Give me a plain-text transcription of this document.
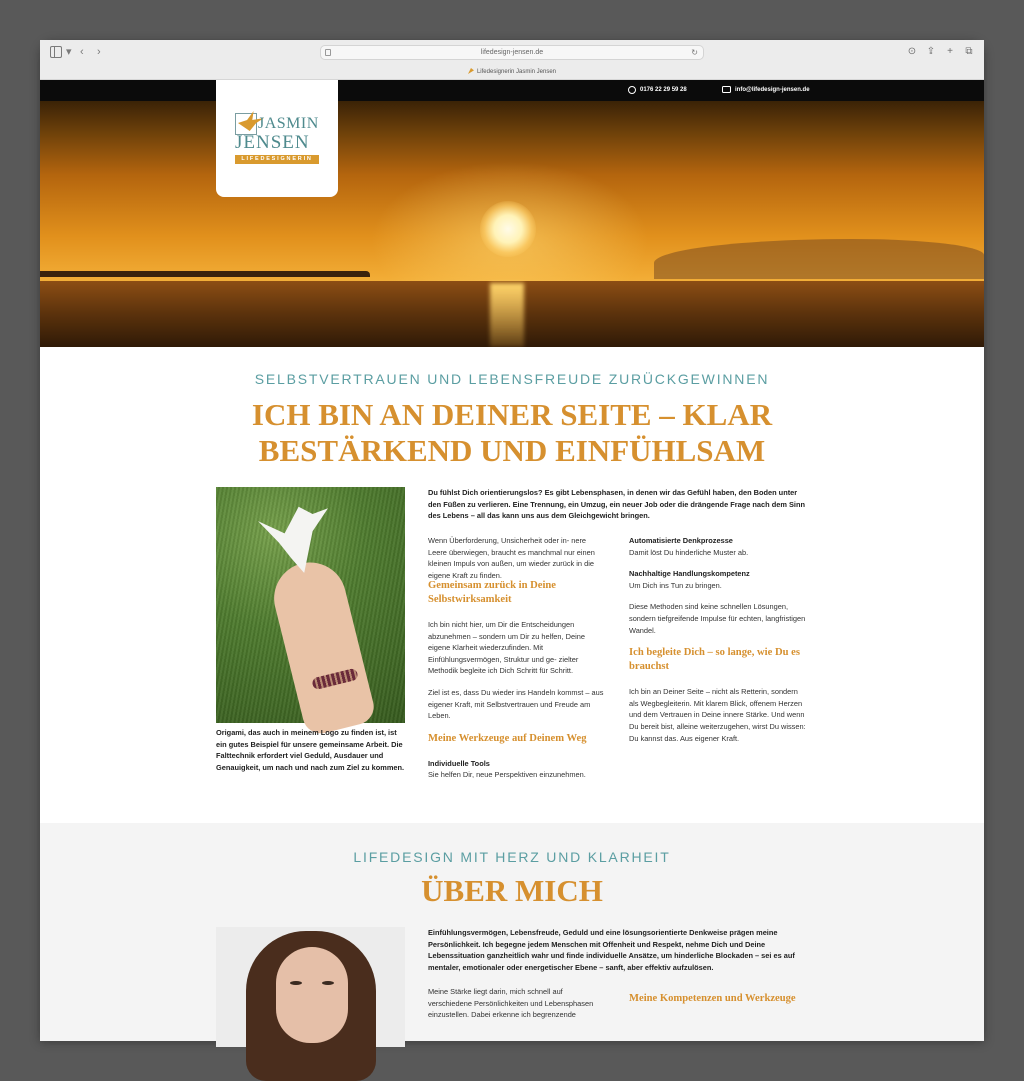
▾ ‹ ›	lifedesign-jensen.de	↻	⊙ ⇪ + ⧉
Lifedesignerin Jasmin Jensen
0176 22 29 59 28	info@lifedesign-jensen.de
JASMIN
JENSEN
LIFEDESIGNERIN
SELBSTVERTRAUEN UND LEBENSFREUDE ZURÜCKGEWINNEN
ICH BIN AN DEINER SEITE – KLAR
BESTÄRKEND UND EINFÜHLSAM
Origami, das auch in meinem Logo zu finden ist, ist ein gutes Beispiel für unsere gemeinsame Arbeit. Die Falttechnik erfordert viel Geduld, Ausdauer und Genauigkeit, um nach und nach zum Ziel zu kommen.
Du fühlst Dich orientierungslos? Es gibt Lebensphasen, in denen wir das Gefühl haben, den Boden unter den Füßen zu verlieren. Eine Trennung, ein Umzug, ein neuer Job oder die drängende Frage nach dem Sinn des Lebens – all das kann uns aus dem Gleichgewicht bringen.

Wenn Überforderung, Unsicherheit oder in- nere Leere überwiegen, braucht es manchmal nur einen kleinen Impuls von außen, um wieder zurück in die eigene Kraft zu finden.

Gemeinsam zurück in Deine Selbstwirksamkeit

Ich bin nicht hier, um Dir die Entscheidungen abzunehmen – sondern um Dir zu helfen, Deine eigene Klarheit wiederzufinden. Mit Einfühlungsvermögen, Struktur und ge- zielter Methodik begleite ich Dich Schritt für Schritt.

Ziel ist es, dass Du wieder ins Handeln kommst – aus eigener Kraft, mit Selbstvertrauen und Freude am Leben.

Meine Werkzeuge auf Deinem Weg

Individuelle Tools
Sie helfen Dir, neue Perspektiven einzunehmen.

Automatisierte Denkprozesse
Damit löst Du hinderliche Muster ab.

Nachhaltige Handlungskompetenz
Um Dich ins Tun zu bringen.

Diese Methoden sind keine schnellen Lösungen, sondern tiefgreifende Impulse für echten, langfristigen Wandel.

Ich begleite Dich – so lange, wie Du es brauchst

Ich bin an Deiner Seite – nicht als Retterin, sondern als Wegbegleiterin. Mit klarem Blick, offenem Herzen und dem Vertrauen in Deine innere Stärke. Und wenn Du bereit bist, alleine weiterzugehen, wirst Du wissen: Du kannst das. Aus eigener Kraft.

LIFEDESIGN MIT HERZ UND KLARHEIT
ÜBER MICH
Einfühlungsvermögen, Lebensfreude, Geduld und eine lösungsorientierte Denkweise prägen meine Persönlichkeit. Ich begegne jedem Menschen mit Offenheit und Respekt, nehme Dich und Deine Lebenssituation ganzheitlich wahr und finde individuelle Ansätze, um hinderliche Blockaden – sei es auf mentaler, emotionaler oder energetischer Ebene – sanft, aber effektiv aufzulösen.

Meine Stärke liegt darin, mich schnell auf verschiedene Persönlichkeiten und Lebensphasen einzustellen. Dabei erkenne ich begrenzende

Meine Kompetenzen und Werkzeuge
